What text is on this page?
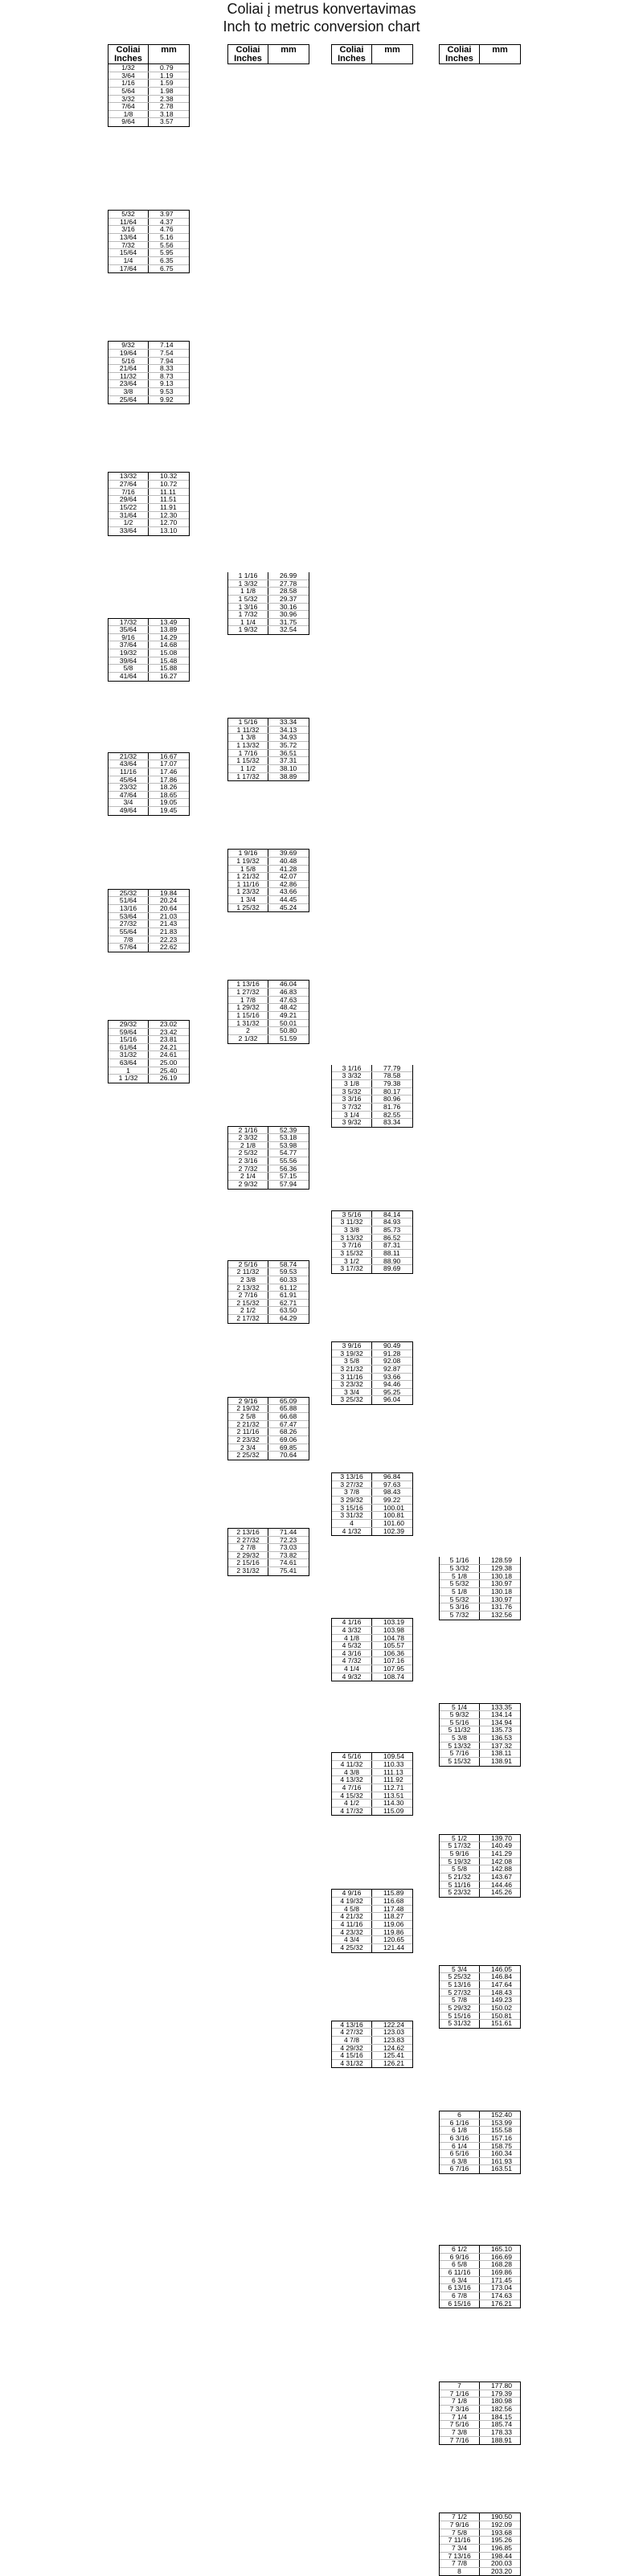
Coliai į metrus konvertavimas
Inch to metric conversion chart
Coliai Inches
mm
1/32	0.79
3/64	1.19
1/16	1.59
5/64	1.98
3/32	2.38
7/64	2.78
1/8	3.18
9/64	3.57
5/32	3.97
11/64	4.37
3/16	4.76
13/64	5.16
7/32	5.56
15/64	5.95
1/4	6.35
17/64	6.75
9/32	7.14
19/64	7.54
5/16	7.94
21/64	8.33
11/32	8.73
23/64	9.13
3/8	9.53
25/64	9.92
13/32	10.32
27/64	10.72
7/16	11.11
29/64	11.51
15/22	11.91
31/64	12.30
1/2	12.70
33/64	13.10
17/32	13.49
35/64	13.89
9/16	14.29
37/64	14.68
19/32	15.08
39/64	15.48
5/8	15.88
41/64	16.27
21/32	16.67
43/64	17.07
11/16	17.46
45/64	17.86
23/32	18.26
47/64	18.65
3/4	19.05
49/64	19.45
25/32	19.84
51/64	20.24
13/16	20.64
53/64	21.03
27/32	21.43
55/64	21.83
7/8	22.23
57/64	22.62
29/32	23.02
59/64	23.42
15/16	23.81
61/64	24.21
31/32	24.61
63/64	25.00
1	25.40
1 1/32	26.19
Coliai Inches
mm
1 1/16	26.99
1 3/32	27.78
1 1/8	28.58
1 5/32	29.37
1 3/16	30.16
1 7/32	30.96
1 1/4	31.75
1 9/32	32.54
1 5/16	33.34
1 11/32	34.13
1 3/8	34.93
1 13/32	35.72
1 7/16	36.51
1 15/32	37.31
1 1/2	38.10
1 17/32	38.89
1 9/16	39.69
1 19/32	40.48
1 5/8	41.28
1 21/32	42.07
1 11/16	42.86
1 23/32	43.66
1 3/4	44.45
1 25/32	45.24
1 13/16	46.04
1 27/32	46.83
1 7/8	47.63
1 29/32	48.42
1 15/16	49.21
1 31/32	50.01
2	50.80
2 1/32	51.59
2 1/16	52.39
2 3/32	53.18
2 1/8	53.98
2 5/32	54.77
2 3/16	55.56
2 7/32	56.36
2 1/4	57.15
2 9/32	57.94
2 5/16	58.74
2 11/32	59.53
2 3/8	60.33
2 13/32	61.12
2 7/16	61.91
2 15/32	62.71
2 1/2	63.50
2 17/32	64.29
2 9/16	65.09
2 19/32	65.88
2 5/8	66.68
2 21/32	67.47
2 11/16	68.26
2 23/32	69.06
2 3/4	69.85
2 25/32	70.64
2 13/16	71.44
2 27/32	72.23
2 7/8	73.03
2 29/32	73.82
2 15/16	74.61
2 31/32	75.41
Coliai Inches
mm
3 1/16	77.79
3 3/32	78.58
3 1/8	79.38
3 5/32	80.17
3 3/16	80.96
3 7/32	81.76
3 1/4	82.55
3 9/32	83.34
3 5/16	84.14
3 11/32	84.93
3 3/8	85.73
3 13/32	86.52
3 7/16	87.31
3 15/32	88.11
3 1/2	88.90
3 17/32	89.69
3 9/16	90.49
3 19/32	91.28
3 5/8	92.08
3 21/32	92.87
3 11/16	93.66
3 23/32	94.46
3 3/4	95.25
3 25/32	96.04
3 13/16	96.84
3 27/32	97.63
3 7/8	98.43
3 29/32	99.22
3 15/16	100.01
3 31/32	100.81
4	101.60
4 1/32	102.39
4 1/16	103.19
4 3/32	103.98
4 1/8	104.78
4 5/32	105.57
4 3/16	106.36
4 7/32	107.16
4 1/4	107.95
4 9/32	108.74
4 5/16	109.54
4 11/32	110.33
4 3/8	111.13
4 13/32	111.92
4 7/16	112.71
4 15/32	113.51
4 1/2	114.30
4 17/32	115.09
4 9/16	115.89
4 19/32	116.68
4 5/8	117.48
4 21/32	118.27
4 11/16	119.06
4 23/32	119.86
4 3/4	120.65
4 25/32	121.44
4 13/16	122.24
4 27/32	123.03
4 7/8	123.83
4 29/32	124.62
4 15/16	125.41
4 31/32	126.21
Coliai Inches
mm
5 1/16	128.59
5 3/32	129.38
5 1/8	130.18
5 5/32	130.97
5 1/8	130.18
5 5/32	130.97
5 3/16	131.76
5 7/32	132.56
5 1/4	133.35
5 9/32	134.14
5 5/16	134.94
5 11/32	135.73
5 3/8	136.53
5 13/32	137.32
5 7/16	138.11
5 15/32	138.91
5 1/2	139.70
5 17/32	140.49
5 9/16	141.29
5 19/32	142.08
5 5/8	142.88
5 21/32	143.67
5 11/16	144.46
5 23/32	145.26
5 3/4	146.05
5 25/32	146.84
5 13/16	147.64
5 27/32	148.43
5 7/8	149.23
5 29/32	150.02
5 15/16	150.81
5 31/32	151.61
6	152.40
6 1/16	153.99
6 1/8	155.58
6 3/16	157.16
6 1/4	158.75
6 5/16	160.34
6 3/8	161.93
6 7/16	163.51
6 1/2	165.10
6 9/16	166.69
6 5/8	168.28
6 11/16	169.86
6 3/4	171.45
6 13/16	173.04
6 7/8	174.63
6 15/16	176.21
7	177.80
7 1/16	179.39
7 1/8	180.98
7 3/16	182.56
7 1/4	184.15
7 5/16	185.74
7 3/8	178.33
7 7/16	188.91
7 1/2	190.50
7 9/16	192.09
7 5/8	193.68
7 11/16	195.26
7 3/4	196.85
7 13/16	198.44
7 7/8	200.03
8	203.20
